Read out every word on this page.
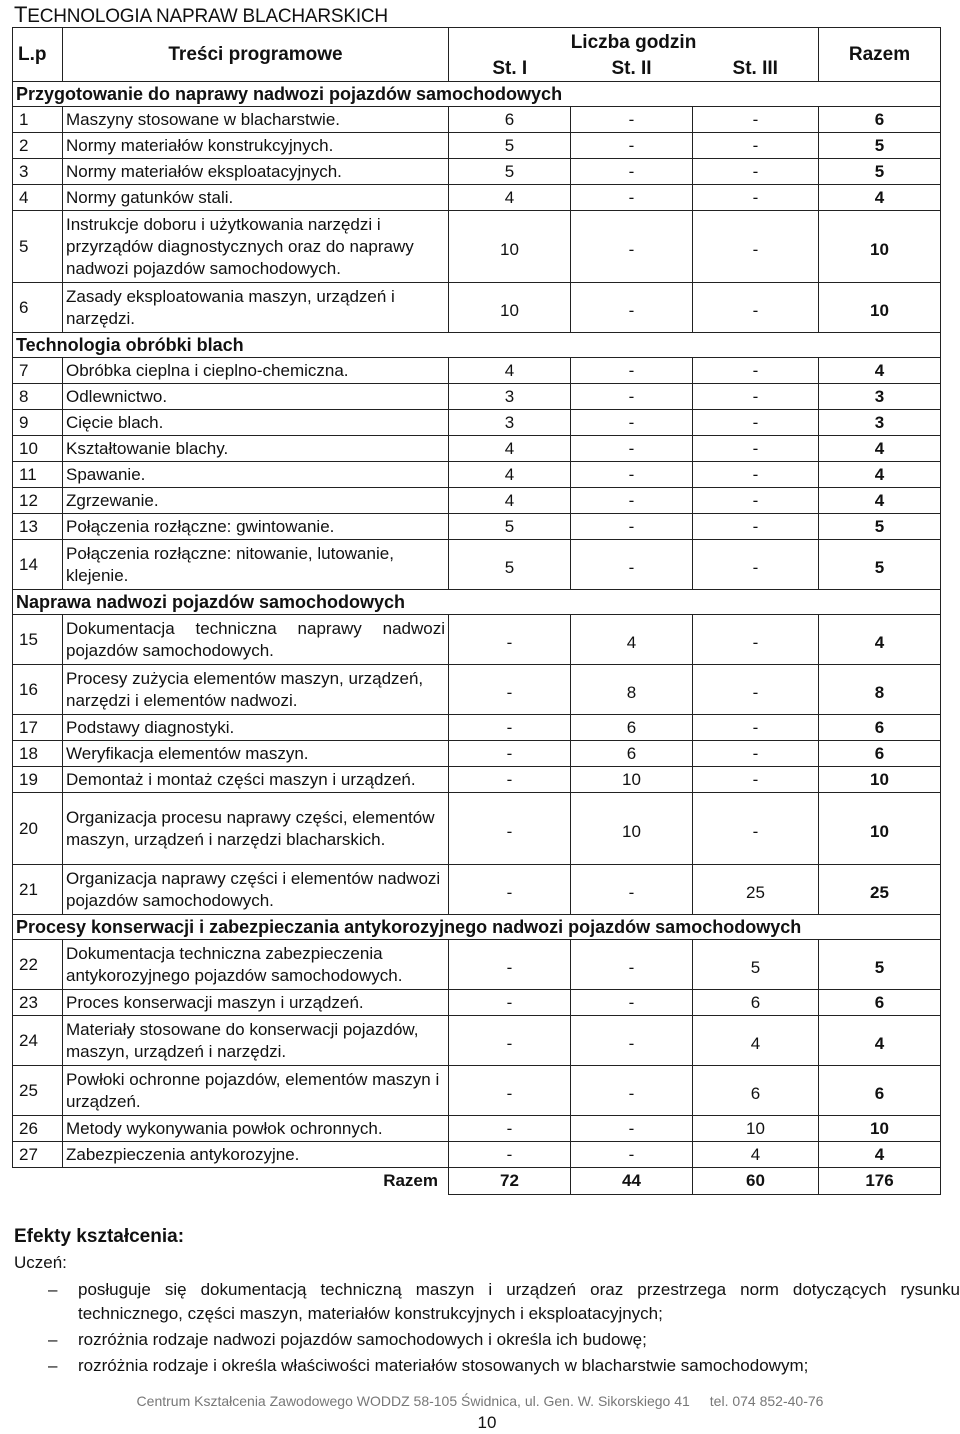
TECHNOLOGIA NAPRAW BLACHARSKICH
L.p	Treści programowe	Liczba godzin			Razem
		St. I	St. II	St. III	
Przygotowanie do naprawy nadwozi pojazdów samochodowych					
1	Maszyny stosowane w blacharstwie.	6	-	-	6
2	Normy materiałów konstrukcyjnych.	5	-	-	5
3	Normy materiałów eksploatacyjnych.	5	-	-	5
4	Normy gatunków stali.	4	-	-	4
5	Instrukcje doboru i użytkowania narzędzi i przyrządów diagnostycznych oraz do naprawy nadwozi pojazdów samochodowych.	10	-	-	10
6	Zasady eksploatowania maszyn, urządzeń i narzędzi.	10	-	-	10
Technologia obróbki blach					
7	Obróbka cieplna i cieplno-chemiczna.	4	-	-	4
8	Odlewnictwo.	3	-	-	3
9	Cięcie blach.	3	-	-	3
10	Kształtowanie blachy.	4	-	-	4
11	Spawanie.	4	-	-	4
12	Zgrzewanie.	4	-	-	4
13	Połączenia rozłączne: gwintowanie.	5	-	-	5
14	Połączenia rozłączne: nitowanie, lutowanie, klejenie.	5	-	-	5
Naprawa nadwozi pojazdów samochodowych					
15	Dokumentacja techniczna naprawy nadwozi pojazdów samochodowych.	-	4	-	4
16	Procesy zużycia elementów maszyn, urządzeń, narzędzi i elementów nadwozi.	-	8	-	8
17	Podstawy diagnostyki.	-	6	-	6
18	Weryfikacja elementów maszyn.	-	6	-	6
19	Demontaż i montaż części maszyn i urządzeń.	-	10	-	10
20	Organizacja procesu naprawy części, elementów maszyn, urządzeń i narzędzi blacharskich.	-	10	-	10
21	Organizacja naprawy części i elementów nadwozi pojazdów samochodowych.	-	-	25	25
Procesy konserwacji i zabezpieczania antykorozyjnego nadwozi pojazdów samochodowych					
22	Dokumentacja techniczna zabezpieczenia antykorozyjnego pojazdów samochodowych.	-	-	5	5
23	Proces konserwacji maszyn i urządzeń.	-	-	6	6
24	Materiały stosowane do konserwacji pojazdów, maszyn, urządzeń i narzędzi.	-	-	4	4
25	Powłoki ochronne pojazdów, elementów maszyn i urządzeń.	-	-	6	6
26	Metody wykonywania powłok ochronnych.	-	-	10	10
27	Zabezpieczenia antykorozyjne.	-	-	4	4
	Razem	72	44	60	176
Efekty kształcenia:
Uczeń:
– posługuje się dokumentacją techniczną maszyn i urządzeń oraz przestrzega norm dotyczących rysunku technicznego, części maszyn, materiałów konstrukcyjnych i eksploatacyjnych;
– rozróżnia rodzaje nadwozi pojazdów samochodowych i określa ich budowę;
– rozróżnia rodzaje i określa właściwości materiałów stosowanych w blacharstwie samochodowym;
Centrum Kształcenia Zawodowego WODDZ 58-105 Świdnica, ul. Gen. W. Sikorskiego 41 tel. 074 852-40-76
10
